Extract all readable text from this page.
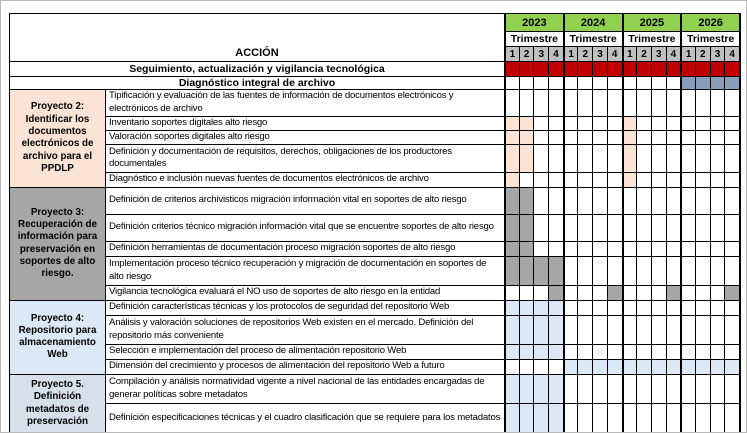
ACCIÓN
2023
Trimestre
2024
Trimestre
2025
Trimestre
2026
Trimestre
1 2 3 4 1 2 3 4 1 2 3 4 1 2 3 4
Seguimiento, actualización y vigilancia tecnológica
Diagnóstico integral de archivo
Proyecto 2: Identificar los documentos electrónicos de archivo para el PPDLP
Tipificación y evaluación de las fuentes de información de documentos electrónicos y electrónicos de archivo
Inventario soportes digitales alto riesgo
Valoración soportes digitales alto riesgo
Definición y documentación de requisitos, derechos, obligaciones de los productores documentales
Diagnóstico e inclusión nuevas fuentes de documentos electrónicos de archivo
Proyecto 3: Recuperación de información para preservación en soportes de alto riesgo.
Definición de criterios archivisticos migración información vital en soportes de alto riesgo
Definición criterios técnico migración información vital que se encuentre soportes de alto riesgo
Definición herramientas de documentación proceso migración soportes de alto riesgo
Implementación proceso técnico recuperación y migración de documentación en soportes de alto riesgo
Vigilancia tecnológica evaluará el NO uso de soportes de alto riesgo en la entidad
Proyecto 4: Repositorio para almacenamiento Web
Definición características técnicas y los protocolos de seguridad del repositorio Web
Análisis y valoración soluciones de repositorios Web existen en el mercado. Definición del repositorio más conveniente
Selección e implementación del proceso de alimentación repositorio Web
Dimensión del crecimiento y procesos de alimentación del repositorio Web a futuro
Proyecto 5. Definición metadatos de preservación
Compilación y análisis normatividad vigente a nivel nacional de las entidades encargadas de generar políticas sobre metadatos
Definición especificaciones técnicas y el cuadro clasificación que se requiere para los metadatos
